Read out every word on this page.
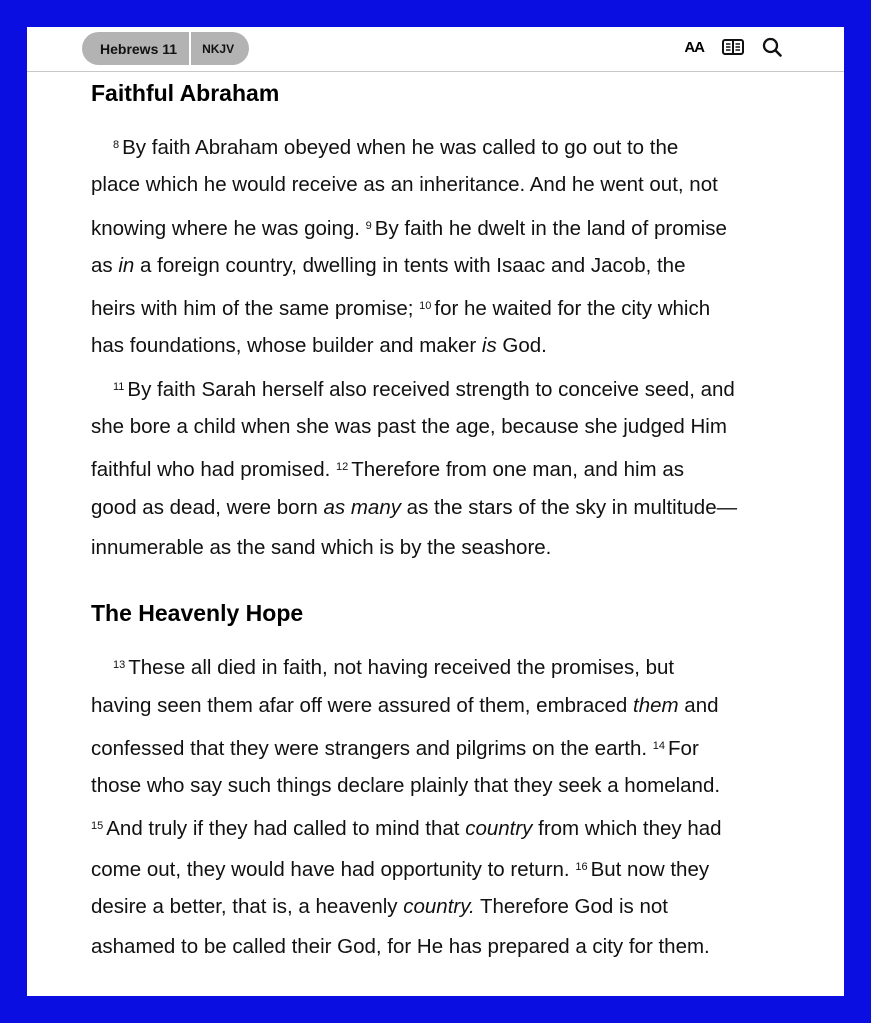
Hebrews 11	NKJV	AA
Faithful Abraham
$^8$ By faith Abraham obeyed when he was called to go out to the
place which he would receive as an inheritance. And he went out, not
knowing where he was going. $^9$ By faith he dwelt in the land of promise
as in a foreign country, dwelling in tents with Isaac and Jacob, the
heirs with him of the same promise; $^{10}$ for he waited for the city which
has foundations, whose builder and maker is God.
$^{11}$ By faith Sarah herself also received strength to conceive seed, and
she bore a child when she was past the age, because she judged Him
faithful who had promised. $^{12}$ Therefore from one man, and him as
good as dead, were born as many as the stars of the sky in multitude—
innumerable as the sand which is by the seashore.
The Heavenly Hope
$^{13}$ These all died in faith, not having received the promises, but
having seen them afar off were assured of them, embraced them and
confessed that they were strangers and pilgrims on the earth. $^{14}$ For
those who say such things declare plainly that they seek a homeland.
$^{15}$ And truly if they had called to mind that country from which they had
come out, they would have had opportunity to return. $^{16}$ But now they
desire a better, that is, a heavenly country. Therefore God is not
ashamed to be called their God, for He has prepared a city for them.
